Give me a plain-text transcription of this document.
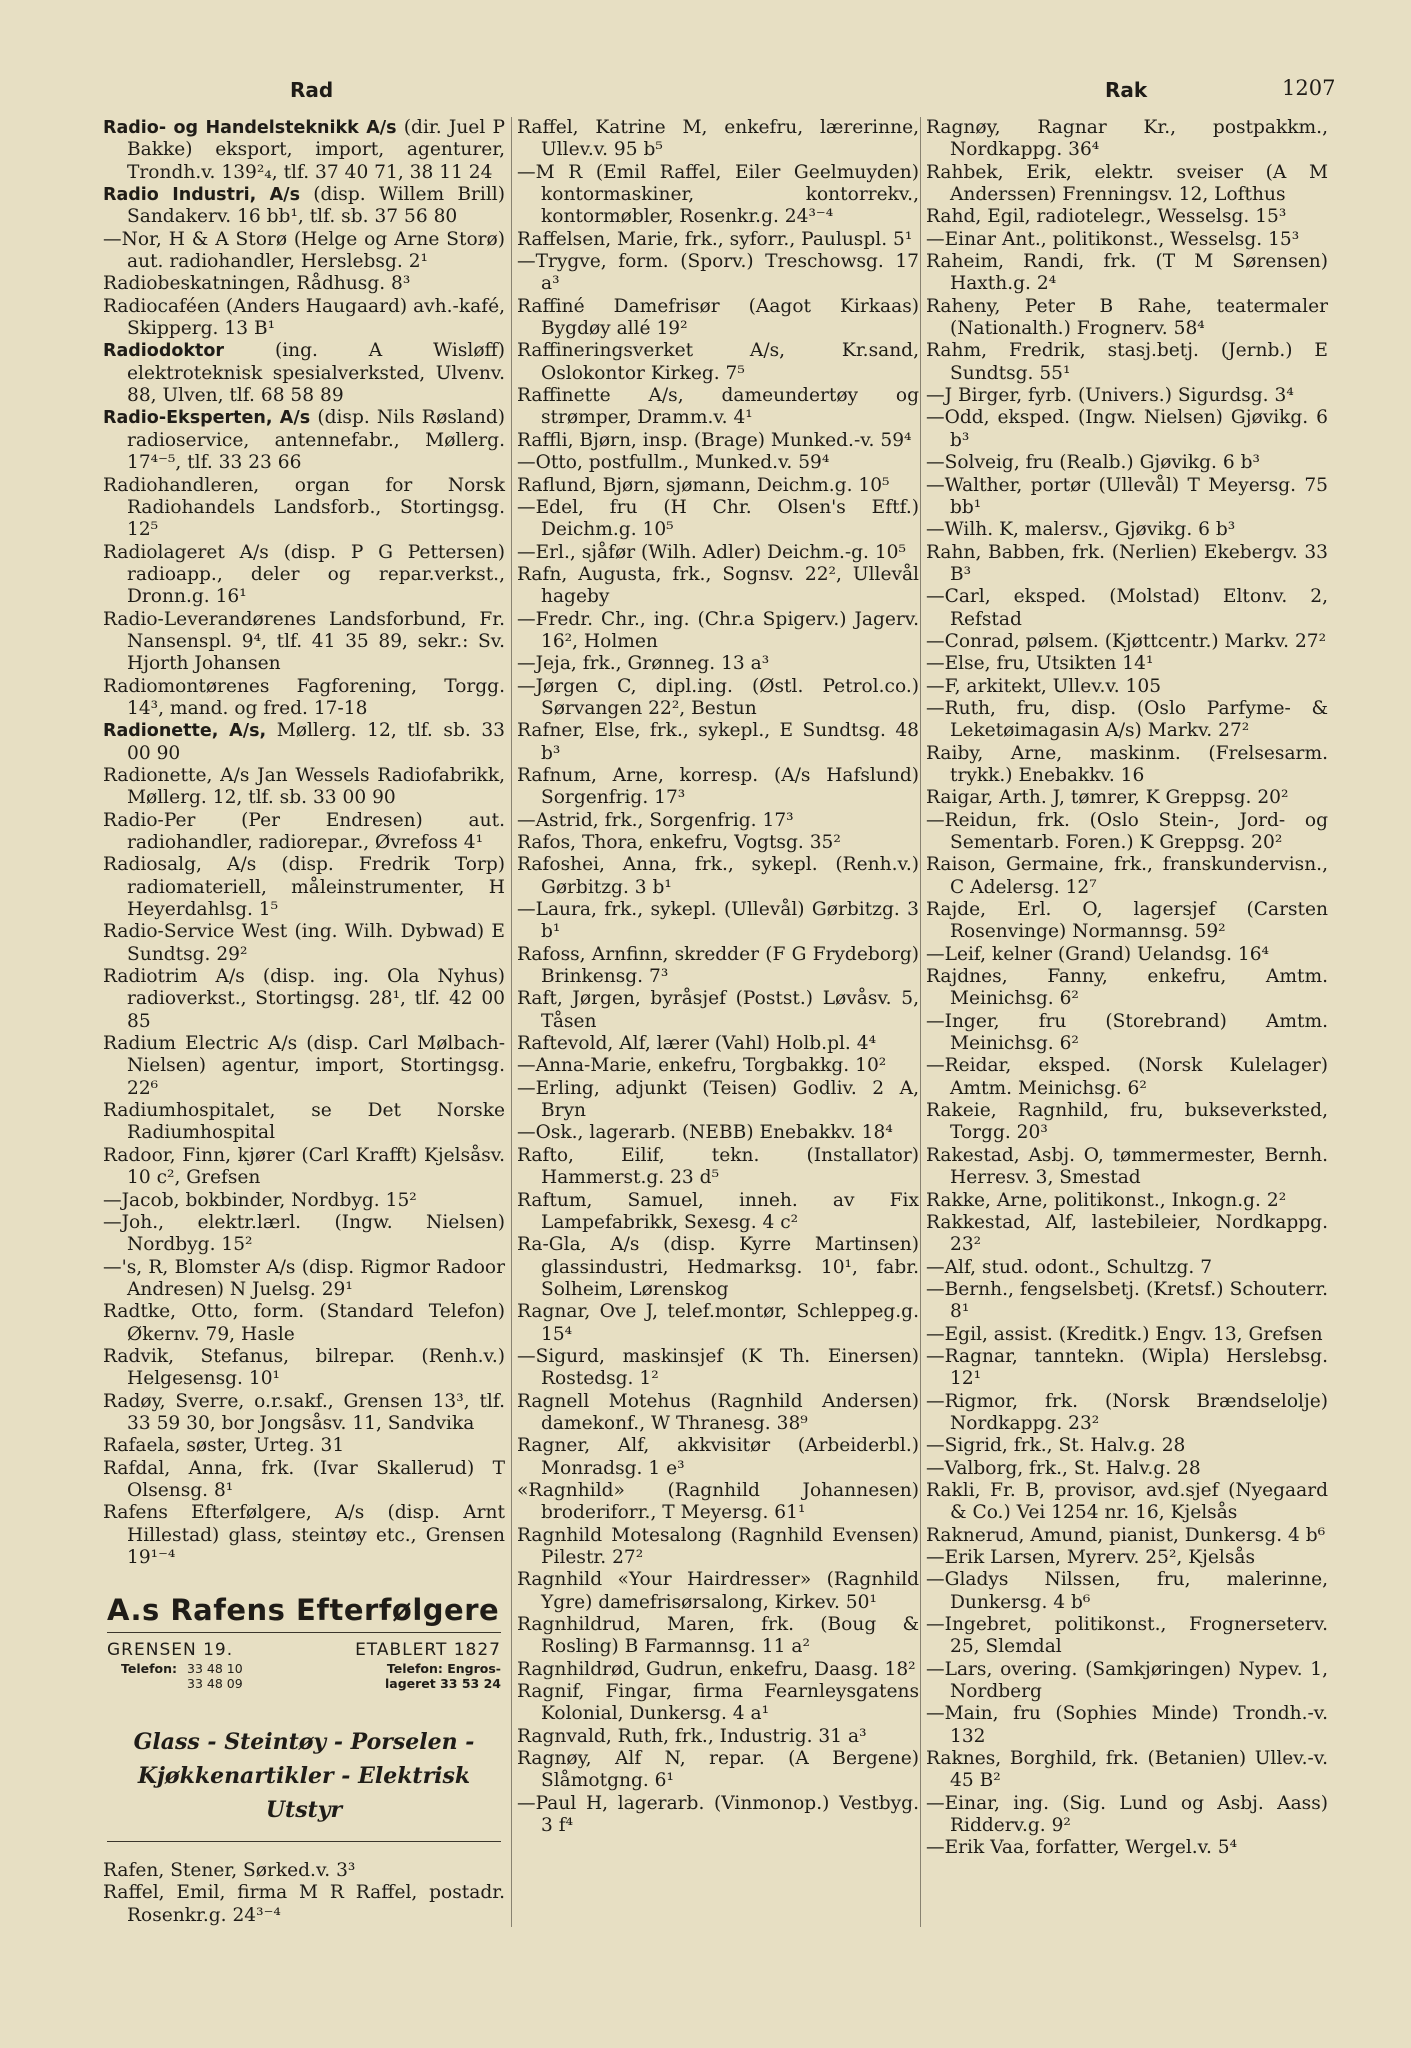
Rad	Rak	1207

Radio- og Handelsteknikk A/s (dir. Juel P Bakke) eksport, import, agenturer, Trondh.v. 139²₄, tlf. 37 40 71, 38 11 24

Radio Industri, A/s (disp. Willem Brill) Sandakerv. 16 bb¹, tlf. sb. 37 56 80

—Nor, H & A Storø (Helge og Arne Storø) aut. radiohandler, Herslebsg. 2¹

Radiobeskatningen, Rådhusg. 8³

Radiocaféen (Anders Haugaard) avh.-kafé, Skipperg. 13 B¹

Radiodoktor	(ing. A Wisløff) elektroteknisk spesialverksted, Ulvenv. 88, Ulven, tlf. 68 58 89

Radio-Eksperten, A/s (disp. Nils Røsland) radioservice, antennefabr., Møllerg. 17⁴⁻⁵, tlf. 33 23 66

Radiohandleren, organ for Norsk Radiohandels Landsforb., Stortingsg. 12⁵

Radiolageret A/s (disp. P G Pettersen) radioapp., deler og repar.verkst., Dronn.g. 16¹

Radio-Leverandørenes Landsforbund, Fr. Nansenspl. 9⁴, tlf. 41 35 89, sekr.: Sv. Hjorth Johansen

Radiomontørenes Fagforening, Torgg. 14³, mand. og fred. 17-18

Radionette, A/s, Møllerg. 12, tlf. sb. 33 00 90

Radionette, A/s Jan Wessels Radiofabrikk, Møllerg. 12, tlf. sb. 33 00 90

Radio-Per (Per Endresen) aut. radiohandler, radiorepar., Øvrefoss 4¹

Radiosalg, A/s (disp. Fredrik Torp) radiomateriell, måleinstrumenter, H Heyerdahlsg. 1⁵

Radio-Service West (ing. Wilh. Dybwad) E Sundtsg. 29²

Radiotrim A/s (disp. ing. Ola Nyhus) radioverkst., Stortingsg. 28¹, tlf. 42 00 85

Radium Electric A/s (disp. Carl Mølbach-Nielsen) agentur, import, Stortingsg. 22⁶

Radiumhospitalet, se Det Norske Radiumhospital

Radoor, Finn, kjører (Carl Krafft) Kjelsåsv. 10 c², Grefsen

—Jacob, bokbinder, Nordbyg. 15²

—Joh., elektr.lærl. (Ingw. Nielsen) Nordbyg. 15²

—'s, R, Blomster A/s (disp. Rigmor Radoor Andresen) N Juelsg. 29¹

Radtke, Otto, form. (Standard Telefon) Økernv. 79, Hasle

Radvik, Stefanus, bilrepar. (Renh.v.) Helgesensg. 10¹

Radøy, Sverre, o.r.sakf., Grensen 13³, tlf. 33 59 30, bor Jongsåsv. 11, Sandvika

Rafaela, søster, Urteg. 31

Rafdal, Anna, frk. (Ivar Skallerud) T Olsensg. 8¹

Rafens Efterfølgere, A/s (disp. Arnt Hillestad) glass, steintøy etc., Grensen 19¹⁻⁴

A.s Rafens Efterfølgere
GRENSEN 19.
Telefon: 33 48 10
33 48 09
ETABLERT 1827
Telefon: Engros-
lageret 33 53 24
Glass - Steintøy - Porselen -
Kjøkkenartikler - Elektrisk Utstyr

Rafen, Stener, Sørked.v. 3³

Raffel, Emil, firma M R Raffel, postadr. Rosenkr.g. 24³⁻⁴

Raffel, Katrine M, enkefru, lærerinne, Ullev.v. 95 b⁵

—M R (Emil Raffel, Eiler Geelmuyden) kontormaskiner, kontorrekv., kontormøbler, Rosenkr.g. 24³⁻⁴

Raffelsen, Marie, frk., syforr., Pauluspl. 5¹

—Trygve, form. (Sporv.) Treschowsg. 17 a³

Raffiné Damefrisør (Aagot Kirkaas) Bygdøy allé 19²

Raffineringsverket A/s, Kr.sand, Oslokontor Kirkeg. 7⁵

Raffinette A/s, dameundertøy og strømper, Dramm.v. 4¹

Raffli, Bjørn, insp. (Brage) Munked.-v. 59⁴

—Otto, postfullm., Munked.v. 59⁴

Raflund, Bjørn, sjømann, Deichm.g. 10⁵

—Edel, fru (H Chr. Olsen's Eftf.) Deichm.g. 10⁵

—Erl., sjåfør (Wilh. Adler) Deichm.-g. 10⁵

Rafn, Augusta, frk., Sognsv. 22², Ullevål hageby

—Fredr. Chr., ing. (Chr.a Spigerv.) Jagerv. 16², Holmen

—Jeja, frk., Grønneg. 13 a³

—Jørgen C, dipl.ing. (Østl. Petrol.co.) Sørvangen 22², Bestun

Rafner, Else, frk., sykepl., E Sundtsg. 48 b³

Rafnum, Arne, korresp. (A/s Hafslund) Sorgenfrig. 17³

—Astrid, frk., Sorgenfrig. 17³

Rafos, Thora, enkefru, Vogtsg. 35²

Rafoshei, Anna, frk., sykepl. (Renh.v.) Gørbitzg. 3 b¹

—Laura, frk., sykepl. (Ullevål) Gørbitzg. 3 b¹

Rafoss, Arnfinn, skredder (F G Frydeborg) Brinkensg. 7³

Raft, Jørgen, byråsjef (Postst.) Løvåsv. 5, Tåsen

Raftevold, Alf, lærer (Vahl) Holb.pl. 4⁴

—Anna-Marie, enkefru, Torgbakkg. 10²

—Erling, adjunkt (Teisen) Godliv. 2 A, Bryn

—Osk., lagerarb. (NEBB) Enebakkv. 18⁴

Rafto, Eilif, tekn. (Installator) Hammerst.g. 23 d⁵

Raftum, Samuel, inneh. av Fix Lampefabrikk, Sexesg. 4 c²

Ra-Gla, A/s (disp. Kyrre Martinsen) glassindustri, Hedmarksg. 10¹, fabr. Solheim, Lørenskog

Ragnar, Ove J, telef.montør, Schleppeg.g. 15⁴

—Sigurd, maskinsjef (K Th. Einersen) Rostedsg. 1²

Ragnell Motehus (Ragnhild Andersen) damekonf., W Thranesg. 38⁹

Ragner, Alf, akkvisitør (Arbeiderbl.) Monradsg. 1 e³

«Ragnhild» (Ragnhild Johannesen) broderiforr., T Meyersg. 61¹

Ragnhild Motesalong (Ragnhild Evensen) Pilestr. 27²

Ragnhild «Your Hairdresser» (Ragnhild Ygre) damefrisørsalong, Kirkev. 50¹

Ragnhildrud, Maren, frk. (Boug & Rosling) B Farmannsg. 11 a²

Ragnhildrød, Gudrun, enkefru, Daasg. 18²

Ragnif, Fingar, firma Fearnleysgatens Kolonial, Dunkersg. 4 a¹

Ragnvald, Ruth, frk., Industrig. 31 a³

Ragnøy, Alf N, repar. (A Bergene) Slåmotgng. 6¹

—Paul H, lagerarb. (Vinmonop.) Vestbyg. 3 f⁴

Ragnøy, Ragnar Kr., postpakkm., Nordkappg. 36⁴

Rahbek, Erik, elektr. sveiser (A M Anderssen) Frenningsv. 12, Lofthus

Rahd, Egil, radiotelegr., Wesselsg. 15³

—Einar Ant., politikonst., Wesselsg. 15³

Raheim, Randi, frk. (T M Sørensen) Haxth.g. 2⁴

Raheny, Peter B Rahe, teatermaler (Nationalth.) Frognerv. 58⁴

Rahm, Fredrik, stasj.betj. (Jernb.) E Sundtsg. 55¹

—J Birger, fyrb. (Univers.) Sigurdsg. 3⁴

—Odd, eksped. (Ingw. Nielsen) Gjøvikg. 6 b³

—Solveig, fru (Realb.) Gjøvikg. 6 b³

—Walther, portør (Ullevål) T Meyersg. 75 bb¹

—Wilh. K, malersv., Gjøvikg. 6 b³

Rahn, Babben, frk. (Nerlien) Ekebergv. 33 B³

—Carl, eksped. (Molstad) Eltonv. 2, Refstad

—Conrad, pølsem. (Kjøttcentr.) Markv. 27²

—Else, fru, Utsikten 14¹

—F, arkitekt, Ullev.v. 105

—Ruth, fru, disp. (Oslo Parfyme- & Leketøimagasin A/s) Markv. 27²

Raiby, Arne, maskinm. (Frelsesarm. trykk.) Enebakkv. 16

Raigar, Arth. J, tømrer, K Greppsg. 20²

—Reidun, frk. (Oslo Stein-, Jord- og Sementarb. Foren.) K Greppsg. 20²

Raison, Germaine, frk., franskundervisn., C Adelersg. 12⁷

Rajde, Erl. O, lagersjef (Carsten Rosenvinge) Normannsg. 59²

—Leif, kelner (Grand) Uelandsg. 16⁴

Rajdnes, Fanny, enkefru, Amtm. Meinichsg. 6²

—Inger, fru (Storebrand) Amtm. Meinichsg. 6²

—Reidar, eksped. (Norsk Kulelager) Amtm. Meinichsg. 6²

Rakeie, Ragnhild, fru, bukseverksted, Torgg. 20³

Rakestad, Asbj. O, tømmermester, Bernh. Herresv. 3, Smestad

Rakke, Arne, politikonst., Inkogn.g. 2²

Rakkestad, Alf, lastebileier, Nordkappg. 23²

—Alf, stud. odont., Schultzg. 7

—Bernh., fengselsbetj. (Kretsf.) Schouterr. 8¹

—Egil, assist. (Kreditk.) Engv. 13, Grefsen

—Ragnar, tanntekn. (Wipla) Herslebsg. 12¹

—Rigmor, frk. (Norsk Brændselolje) Nordkappg. 23²

—Sigrid, frk., St. Halv.g. 28

—Valborg, frk., St. Halv.g. 28

Rakli, Fr. B, provisor, avd.sjef (Nyegaard & Co.) Vei 1254 nr. 16, Kjelsås

Raknerud, Amund, pianist, Dunkersg. 4 b⁶

—Erik Larsen, Myrerv. 25², Kjelsås

—Gladys Nilssen, fru, malerinne, Dunkersg. 4 b⁶

—Ingebret, politikonst., Frognerseterv. 25, Slemdal

—Lars, overing. (Samkjøringen) Nypev. 1, Nordberg

—Main, fru (Sophies Minde) Trondh.-v. 132

Raknes, Borghild, frk. (Betanien) Ullev.-v. 45 B²

—Einar, ing. (Sig. Lund og Asbj. Aass) Ridderv.g. 9²

—Erik Vaa, forfatter, Wergel.v. 5⁴
